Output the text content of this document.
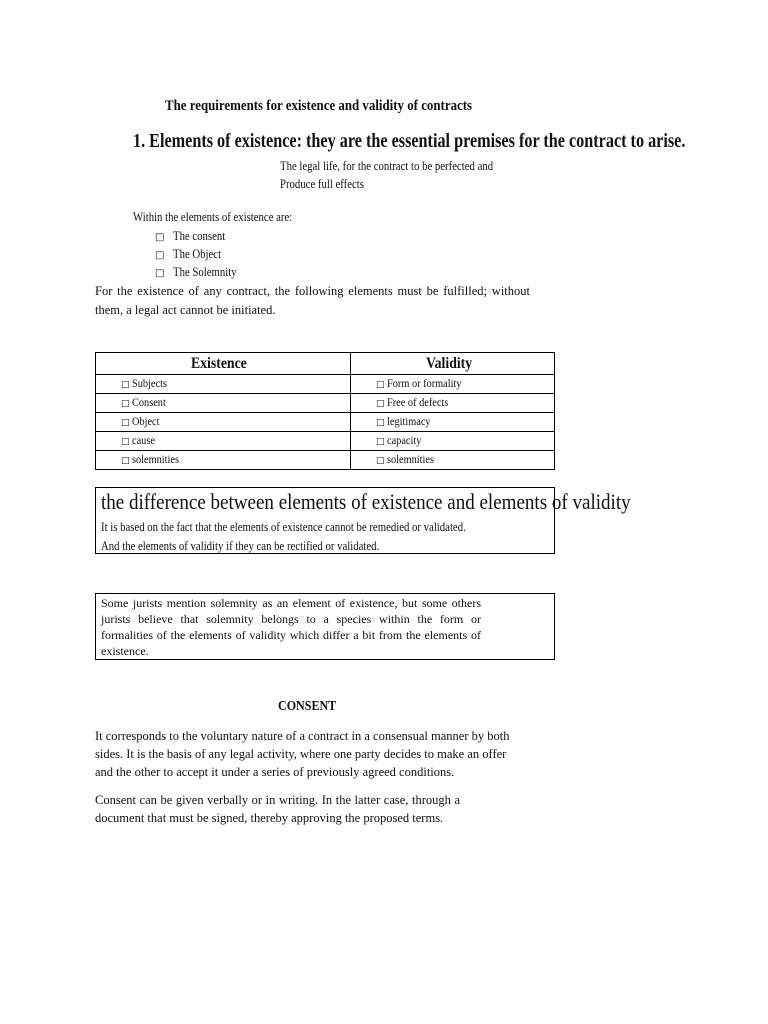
The requirements for existence and validity of contracts
1. Elements of existence: they are the essential premises for the contract to arise.
The legal life, for the contract to be perfected and
Produce full effects
Within the elements of existence are:
□ The consent
□ The Object
□ The Solemnity
For the existence of any contract, the following elements must be fulfilled; without them, a legal act cannot be initiated.
Existence	Validity
□ Subjects	□ Form or formality
□ Consent	□ Free of defects
□ Object	□ legitimacy
□ cause	□ capacity
□ solemnities	□ solemnities
the difference between elements of existence and elements of validity
It is based on the fact that the elements of existence cannot be remedied or validated.
And the elements of validity if they can be rectified or validated.
Some jurists mention solemnity as an element of existence, but some others jurists believe that solemnity belongs to a species within the form or formalities of the elements of validity which differ a bit from the elements of existence.
CONSENT
It corresponds to the voluntary nature of a contract in a consensual manner by both sides. It is the basis of any legal activity, where one party decides to make an offer and the other to accept it under a series of previously agreed conditions.
Consent can be given verbally or in writing. In the latter case, through a document that must be signed, thereby approving the proposed terms.
